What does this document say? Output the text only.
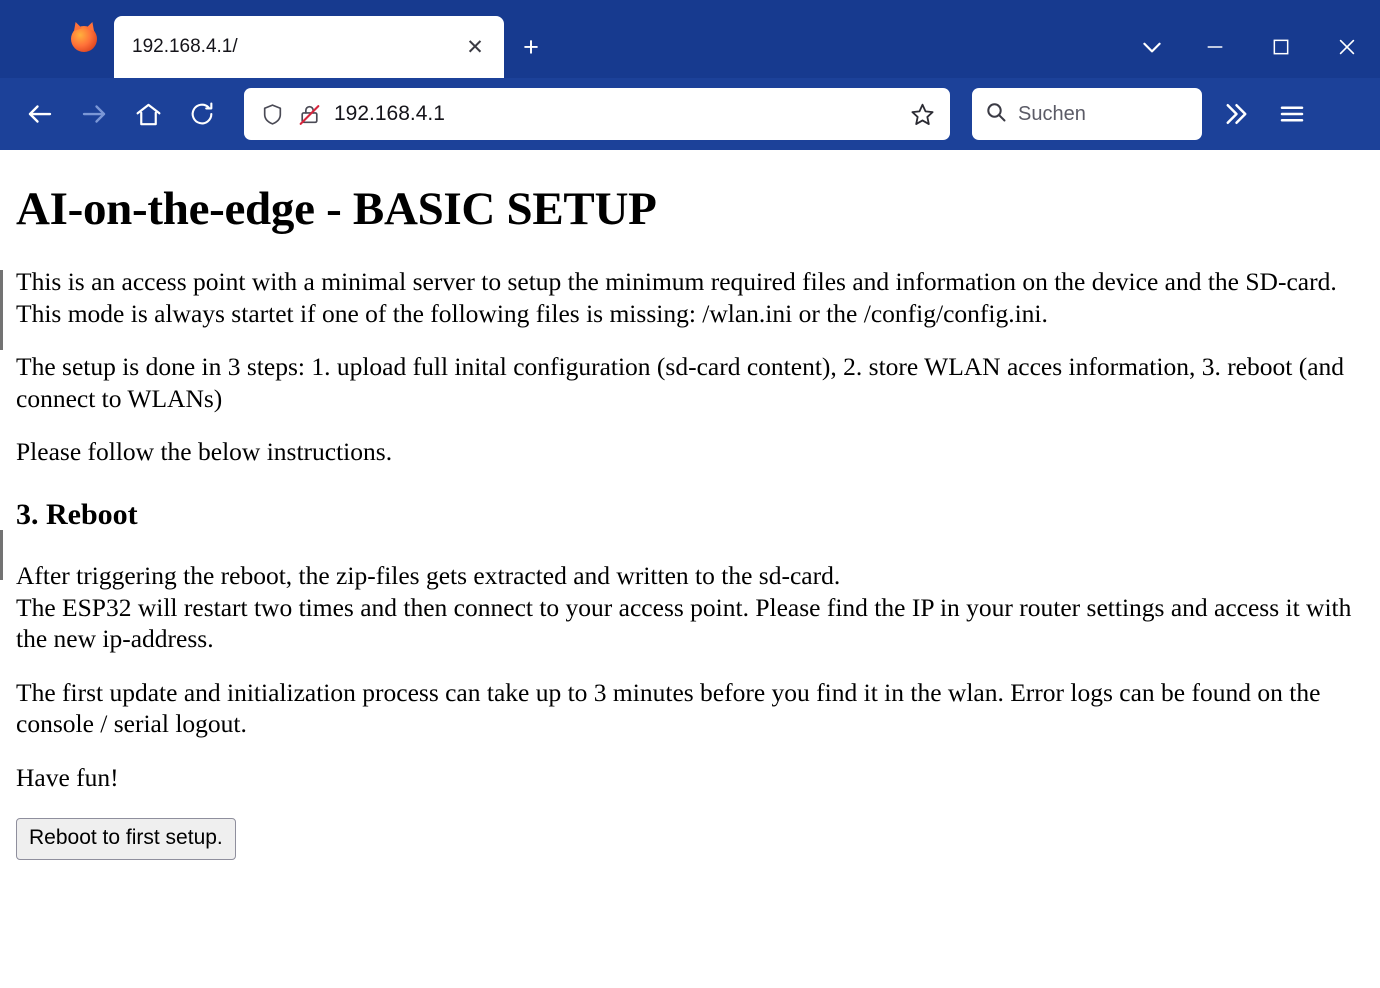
192.168.4.1/	✕	+
192.168.4.1	Suchen
AI-on-the-edge - BASIC SETUP

This is an access point with a minimal server to setup the minimum required files and information on the device and the SD-card. This mode is always startet if one of the following files is missing: /wlan.ini or the /config/config.ini.

The setup is done in 3 steps: 1. upload full inital configuration (sd-card content), 2. store WLAN acces information, 3. reboot (and connect to WLANs)

Please follow the below instructions.

3. Reboot

After triggering the reboot, the zip-files gets extracted and written to the sd-card.
The ESP32 will restart two times and then connect to your access point. Please find the IP in your router settings and access it with the new ip-address.

The first update and initialization process can take up to 3 minutes before you find it in the wlan. Error logs can be found on the console / serial logout.

Have fun!

Reboot to first setup.
